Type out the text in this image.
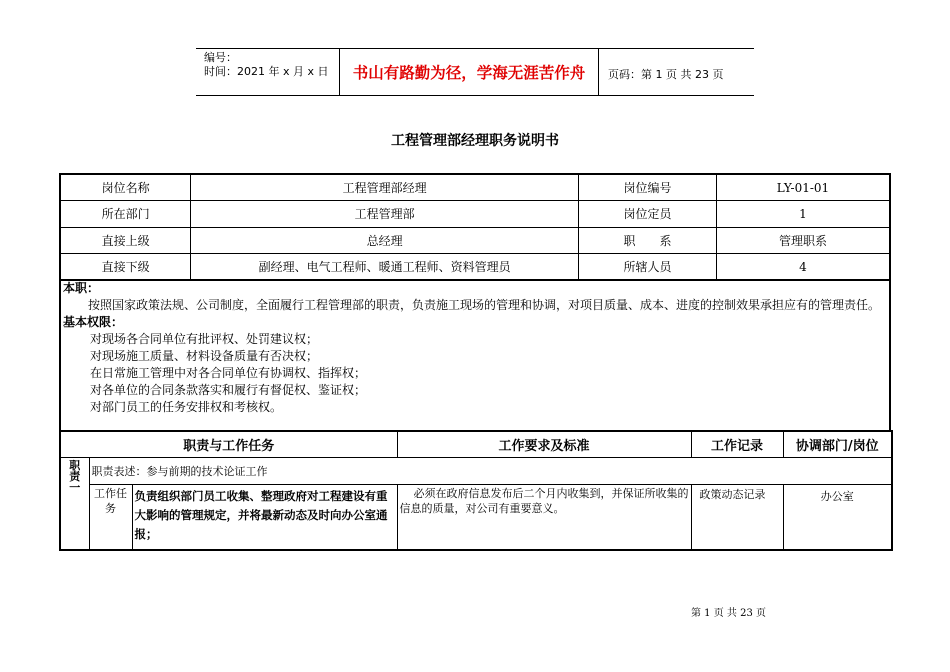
编号：
时间：2021 年 x 月 x 日	书山有路勤为径，学海无涯苦作舟	页码：第 1 页 共 23 页
工程管理部经理职务说明书
岗位名称	工程管理部经理	岗位编号	LY-01-01
所在部门	工程管理部	岗位定员	1
直接上级	总经理	职　　系	管理职系
直接下级	副经理、电气工程师、暖通工程师、资料管理员	所辖人员	4
本职：
按照国家政策法规、公司制度，全面履行工程管理部的职责，负责施工现场的管理和协调，对项目质量、成本、进度的控制效果承担应有的管理责任。
基本权限：
对现场各合同单位有批评权、处罚建议权；
对现场施工质量、材料设备质量有否决权；
在日常施工管理中对各合同单位有协调权、指挥权；
对各单位的合同条款落实和履行有督促权、鉴证权；
对部门员工的任务安排权和考核权。
职责与工作任务			工作要求及标准	工作记录	协调部门/岗位

职
责
一	职责表述：参与前期的技术论证工作				
	工作任务	负责组织部门员工收集、整理政府对工程建设有重大影响的管理规定，并将最新动态及时向办公室通报；	必须在政府信息发布后二个月内收集到，并保证所收集的信息的质量，对公司有重要意义。	政策动态记录	办公室
第 1 页 共 23 页
